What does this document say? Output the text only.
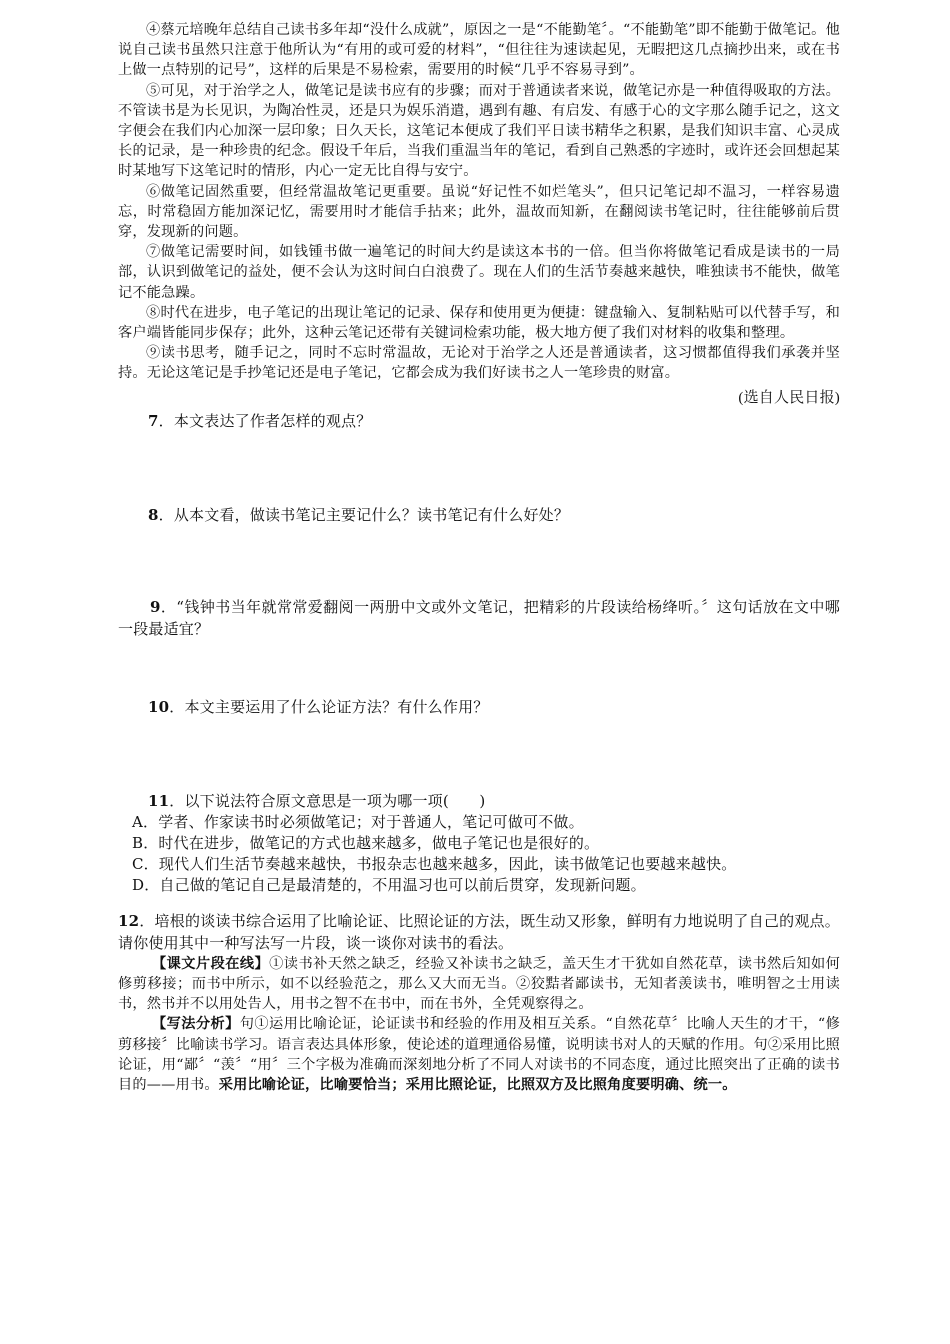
④蔡元培晚年总结自己读书多年却“没什么成就”，原因之一是“不能勤笔〞。“不能勤笔”即不能勤于做笔记。他说自己读书虽然只注意于他所认为“有用的或可爱的材料”，“但往往为速读起见，无暇把这几点摘抄出来，或在书上做一点特别的记号”，这样的后果是不易检索，需要用的时候“几乎不容易寻到”。

⑤可见，对于治学之人，做笔记是读书应有的步骤；而对于普通读者来说，做笔记亦是一种值得吸取的方法。不管读书是为长见识，为陶冶性灵，还是只为娱乐消遣，遇到有趣、有启发、有感于心的文字那么随手记之，这文字便会在我们内心加深一层印象；日久天长，这笔记本便成了我们平日读书精华之积累，是我们知识丰富、心灵成长的记录，是一种珍贵的纪念。假设千年后，当我们重温当年的笔记，看到自己熟悉的字迹时，或许还会回想起某时某地写下这笔记时的情形，内心一定无比自得与安宁。

⑥做笔记固然重要，但经常温故笔记更重要。虽说“好记性不如烂笔头”，但只记笔记却不温习，一样容易遗忘，时常稳固方能加深记忆，需要用时才能信手拈来；此外，温故而知新，在翻阅读书笔记时，往往能够前后贯穿，发现新的问题。

⑦做笔记需要时间，如钱锺书做一遍笔记的时间大约是读这本书的一倍。但当你将做笔记看成是读书的一局部，认识到做笔记的益处，便不会认为这时间白白浪费了。现在人们的生活节奏越来越快，唯独读书不能快，做笔记不能急躁。

⑧时代在进步，电子笔记的出现让笔记的记录、保存和使用更为便捷：键盘输入、复制粘贴可以代替手写，和　 客户端皆能同步保存；此外，这种云笔记还带有关键词检索功能，极大地方便了我们对材料的收集和整理。

⑨读书思考，随手记之，同时不忘时常温故，无论对于治学之人还是普通读者，这习惯都值得我们承袭并坚持。无论这笔记是手抄笔记还是电子笔记，它都会成为我们好读书之人一笔珍贵的财富。

(选自人民日报)

7．本文表达了作者怎样的观点？

8．从本文看，做读书笔记主要记什么？读书笔记有什么好处？

9．“钱钟书当年就常常爱翻阅一两册中文或外文笔记，把精彩的片段读给杨绛听。〞这句话放在文中哪一段最适宜？

10．本文主要运用了什么论证方法？有什么作用？

11．以下说法符合原文意思是一项为哪一项(　　)

A．学者、作家读书时必须做笔记；对于普通人，笔记可做可不做。

B．时代在进步，做笔记的方式也越来越多，做电子笔记也是很好的。

C．现代人们生活节奏越来越快，书报杂志也越来越多，因此，读书做笔记也要越来越快。

D．自己做的笔记自己是最清楚的，不用温习也可以前后贯穿，发现新问题。

12．培根的谈读书综合运用了比喻论证、比照论证的方法，既生动又形象，鲜明有力地说明了自己的观点。请你使用其中一种写法写一片段，谈一谈你对读书的看法。

【课文片段在线】①读书补天然之缺乏，经验又补读书之缺乏，盖天生才干犹如自然花草，读书然后知如何修剪移接；而书中所示，如不以经验范之，那么又大而无当。②狡黠者鄙读书，无知者羡读书，唯明智之士用读书，然书并不以用处告人，用书之智不在书中，而在书外，全凭观察得之。

【写法分析】句①运用比喻论证，论证读书和经验的作用及相互关系。“自然花草〞比喻人天生的才干，“修剪移接〞比喻读书学习。语言表达具体形象，使论述的道理通俗易懂，说明读书对人的天赋的作用。句②采用比照论证，用“鄙〞“羡〞“用〞三个字极为准确而深刻地分析了不同人对读书的不同态度，通过比照突出了正确的读书目的——用书。采用比喻论证，比喻要恰当；采用比照论证，比照双方及比照角度要明确、统一。
